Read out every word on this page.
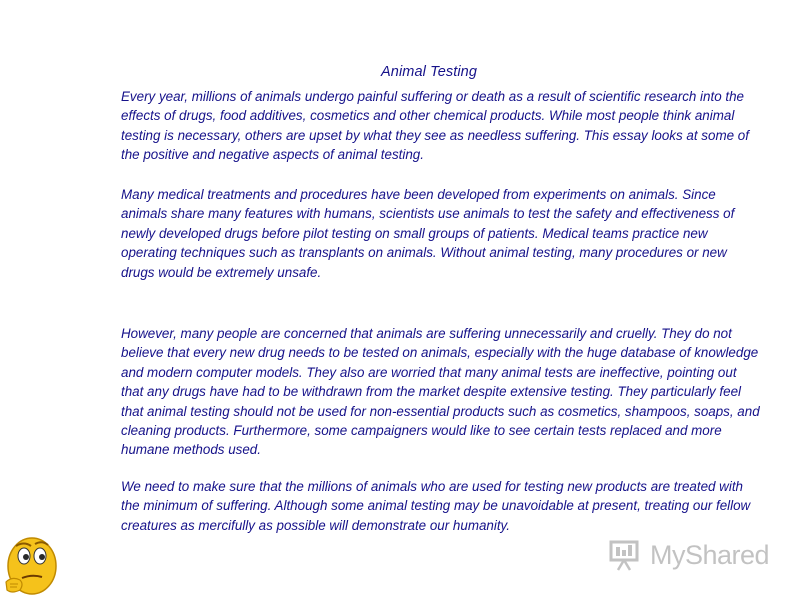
Animal Testing

Every year, millions of animals undergo painful suffering or death as a result of scientific research into the effects of drugs, food additives, cosmetics and other chemical products. While most people think animal testing is necessary, others are upset by what they see as needless suffering. This essay looks at some of the positive and negative aspects of animal testing.

Many medical treatments and procedures have been developed from experiments on animals. Since animals share many features with humans, scientists use animals to test the safety and effectiveness of newly developed drugs before pilot testing on small groups of patients. Medical teams practice new operating techniques such as transplants on animals. Without animal testing, many procedures or new drugs would be extremely unsafe.

However, many people are concerned that animals are suffering unnecessarily and cruelly. They do not believe that every new drug needs to be tested on animals, especially with the huge database of knowledge and modern computer models. They also are worried that many animal tests are ineffective, pointing out that any drugs have had to be withdrawn from the market despite extensive testing. They particularly feel that animal testing should not be used for non-essential products such as cosmetics, shampoos, soaps, and cleaning products. Furthermore, some campaigners would like to see certain tests replaced and more humane methods used.

We need to make sure that the millions of animals who are used for testing new products are treated with the minimum of suffering. Although some animal testing may be unavoidable at present, treating our fellow creatures as mercifully as possible will demonstrate our humanity.

MyShared
